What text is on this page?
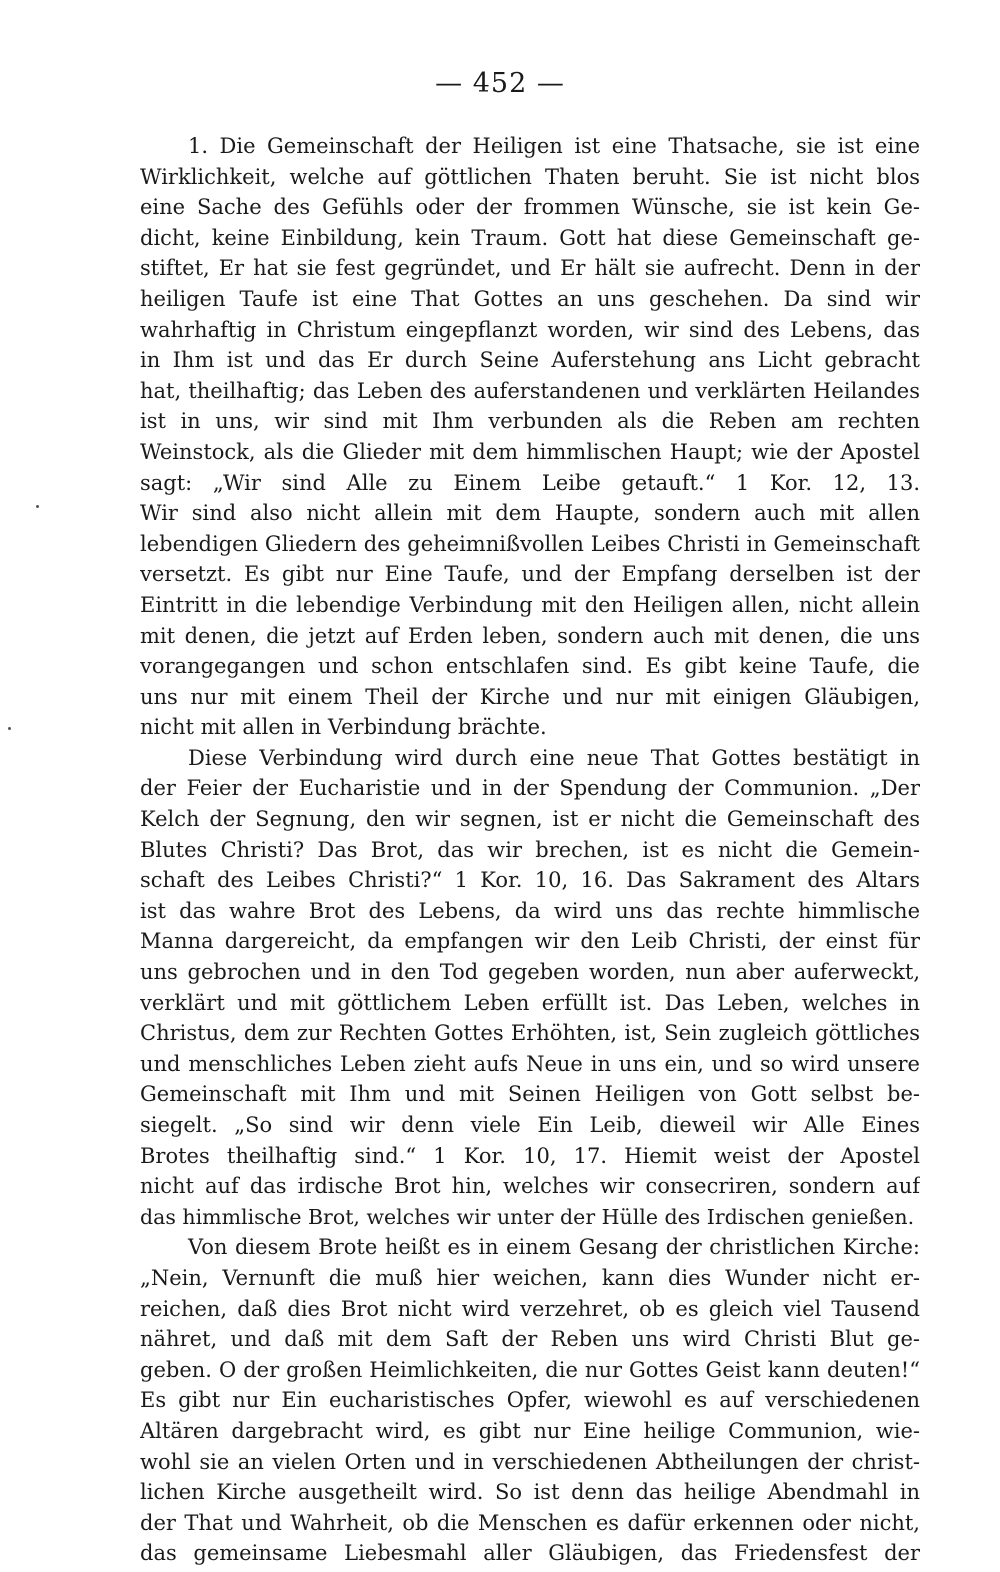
— 452 —
1. Die Gemeinschaft der Heiligen ist eine Thatsache, sie ist eine
Wirklichkeit, welche auf göttlichen Thaten beruht. Sie ist nicht blos
eine Sache des Gefühls oder der frommen Wünsche, sie ist kein Ge-
dicht, keine Einbildung, kein Traum. Gott hat diese Gemeinschaft ge-
stiftet, Er hat sie fest gegründet, und Er hält sie aufrecht. Denn in der
heiligen Taufe ist eine That Gottes an uns geschehen. Da sind wir
wahrhaftig in Christum eingepflanzt worden, wir sind des Lebens, das
in Ihm ist und das Er durch Seine Auferstehung ans Licht gebracht
hat, theilhaftig; das Leben des auferstandenen und verklärten Heilandes
ist in uns, wir sind mit Ihm verbunden als die Reben am rechten
Weinstock, als die Glieder mit dem himmlischen Haupt; wie der Apostel
sagt: „Wir sind Alle zu Einem Leibe getauft.“ 1 Kor. 12, 13.
Wir sind also nicht allein mit dem Haupte, sondern auch mit allen
lebendigen Gliedern des geheimnißvollen Leibes Christi in Gemeinschaft
versetzt. Es gibt nur Eine Taufe, und der Empfang derselben ist der
Eintritt in die lebendige Verbindung mit den Heiligen allen, nicht allein
mit denen, die jetzt auf Erden leben, sondern auch mit denen, die uns
vorangegangen und schon entschlafen sind. Es gibt keine Taufe, die
uns nur mit einem Theil der Kirche und nur mit einigen Gläubigen,
nicht mit allen in Verbindung brächte.
Diese Verbindung wird durch eine neue That Gottes bestätigt in
der Feier der Eucharistie und in der Spendung der Communion. „Der
Kelch der Segnung, den wir segnen, ist er nicht die Gemeinschaft des
Blutes Christi? Das Brot, das wir brechen, ist es nicht die Gemein-
schaft des Leibes Christi?“ 1 Kor. 10, 16. Das Sakrament des Altars
ist das wahre Brot des Lebens, da wird uns das rechte himmlische
Manna dargereicht, da empfangen wir den Leib Christi, der einst für
uns gebrochen und in den Tod gegeben worden, nun aber auferweckt,
verklärt und mit göttlichem Leben erfüllt ist. Das Leben, welches in
Christus, dem zur Rechten Gottes Erhöhten, ist, Sein zugleich göttliches
und menschliches Leben zieht aufs Neue in uns ein, und so wird unsere
Gemeinschaft mit Ihm und mit Seinen Heiligen von Gott selbst be-
siegelt. „So sind wir denn viele Ein Leib, dieweil wir Alle Eines
Brotes theilhaftig sind.“ 1 Kor. 10, 17. Hiemit weist der Apostel
nicht auf das irdische Brot hin, welches wir consecriren, sondern auf
das himmlische Brot, welches wir unter der Hülle des Irdischen genießen.
Von diesem Brote heißt es in einem Gesang der christlichen Kirche:
„Nein, Vernunft die muß hier weichen, kann dies Wunder nicht er-
reichen, daß dies Brot nicht wird verzehret, ob es gleich viel Tausend
nähret, und daß mit dem Saft der Reben uns wird Christi Blut ge-
geben. O der großen Heimlichkeiten, die nur Gottes Geist kann deuten!“
Es gibt nur Ein eucharistisches Opfer, wiewohl es auf verschiedenen
Altären dargebracht wird, es gibt nur Eine heilige Communion, wie-
wohl sie an vielen Orten und in verschiedenen Abtheilungen der christ-
lichen Kirche ausgetheilt wird. So ist denn das heilige Abendmahl in
der That und Wahrheit, ob die Menschen es dafür erkennen oder nicht,
das gemeinsame Liebesmahl aller Gläubigen, das Friedensfest der
